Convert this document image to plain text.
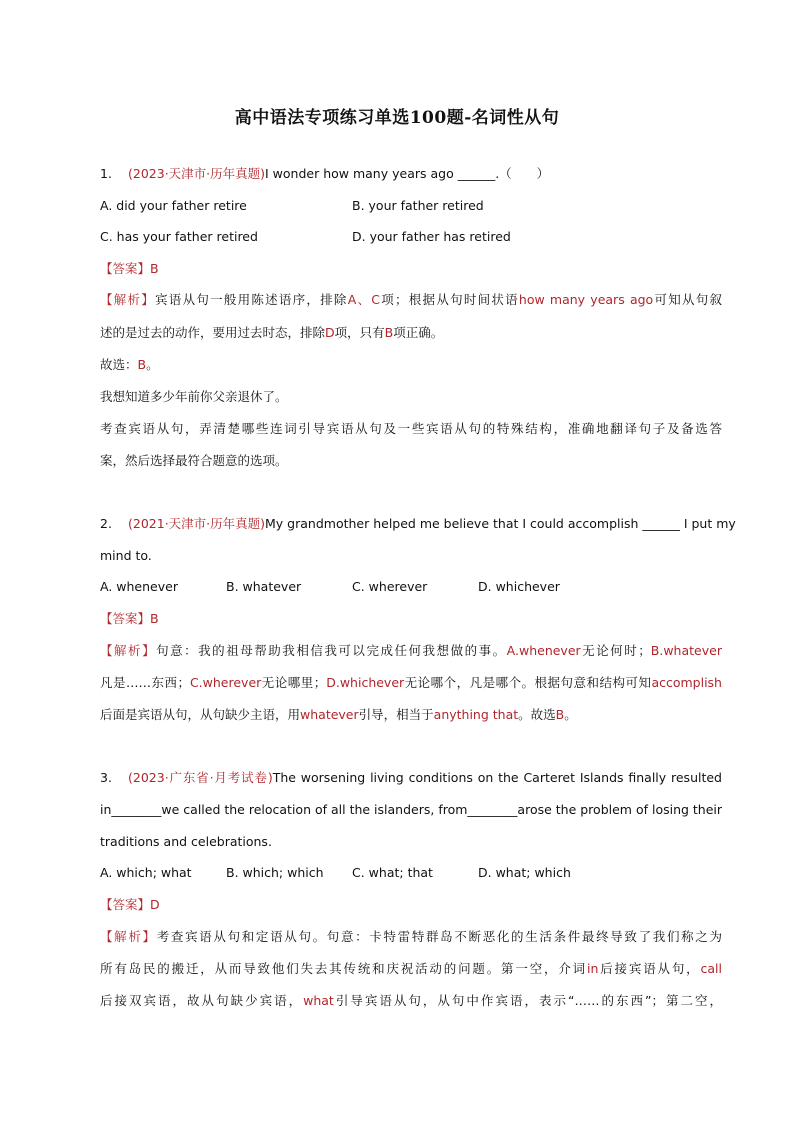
高中语法专项练习单选100题-名词性从句
1. (2023·天津市·历年真题)I wonder how many years ago ______.（　　）
A. did your father retire	B. your father retired
C. has your father retired	D. your father has retired
【答案】B
【解析】宾语从句一般用陈述语序，排除A、C项；根据从句时间状语how many years ago可知从句叙
述的是过去的动作，要用过去时态，排除D项，只有B项正确。
故选：B。
我想知道多少年前你父亲退休了。
考查宾语从句，弄清楚哪些连词引导宾语从句及一些宾语从句的特殊结构，准确地翻译句子及备选答
案，然后选择最符合题意的选项。
2. (2021·天津市·历年真题)My grandmother helped me believe that I could accomplish ______ I put my
mind to.
A. whenever	B. whatever	C. wherever	D. whichever
【答案】B
【解析】句意：我的祖母帮助我相信我可以完成任何我想做的事。A.whenever无论何时；B.whatever
凡是……东西；C.wherever无论哪里；D.whichever无论哪个，凡是哪个。根据句意和结构可知accomplish
后面是宾语从句，从句缺少主语，用whatever引导，相当于anything that。故选B。
3. (2023·广东省·月考试卷)The worsening living conditions on the Carteret Islands finally resulted
in________we called the relocation of all the islanders, from________arose the problem of losing their
traditions and celebrations.
A. which; what	B. which; which C. what; that	D. what; which
【答案】D
【解析】考查宾语从句和定语从句。句意：卡特雷特群岛不断恶化的生活条件最终导致了我们称之为
所有岛民的搬迁，从而导致他们失去其传统和庆祝活动的问题。第一空，介词in后接宾语从句，call
后接双宾语，故从句缺少宾语，what引导宾语从句，从句中作宾语，表示“……的东西”；第二空，
